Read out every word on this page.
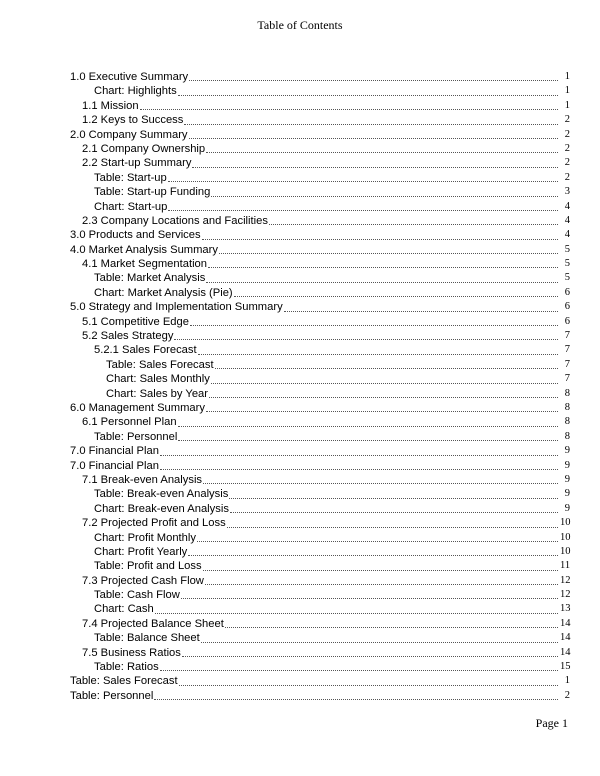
Table of Contents
1.0 Executive Summary	1
Chart: Highlights	1
1.1 Mission	1
1.2 Keys to Success	2
2.0 Company Summary	2
2.1 Company Ownership	2
2.2 Start-up Summary	2
Table: Start-up	2
Table: Start-up Funding	3
Chart: Start-up	4
2.3 Company Locations and Facilities	4
3.0 Products and Services	4
4.0 Market Analysis Summary	5
4.1 Market Segmentation	5
Table: Market Analysis	5
Chart: Market Analysis (Pie)	6
5.0 Strategy and Implementation Summary	6
5.1 Competitive Edge	6
5.2 Sales Strategy	7
5.2.1 Sales Forecast	7
Table: Sales Forecast	7
Chart: Sales Monthly	7
Chart: Sales by Year	8
6.0 Management Summary	8
6.1 Personnel Plan	8
Table: Personnel	8
7.0 Financial Plan	9
7.0 Financial Plan	9
7.1 Break-even Analysis	9
Table: Break-even Analysis	9
Chart: Break-even Analysis	9
7.2 Projected Profit and Loss	10
Chart: Profit Monthly	10
Chart: Profit Yearly	10
Table: Profit and Loss	11
7.3 Projected Cash Flow	12
Table: Cash Flow	12
Chart: Cash	13
7.4 Projected Balance Sheet	14
Table: Balance Sheet	14
7.5 Business Ratios	14
Table: Ratios	15
Table: Sales Forecast	1
Table: Personnel	2
Page 1
